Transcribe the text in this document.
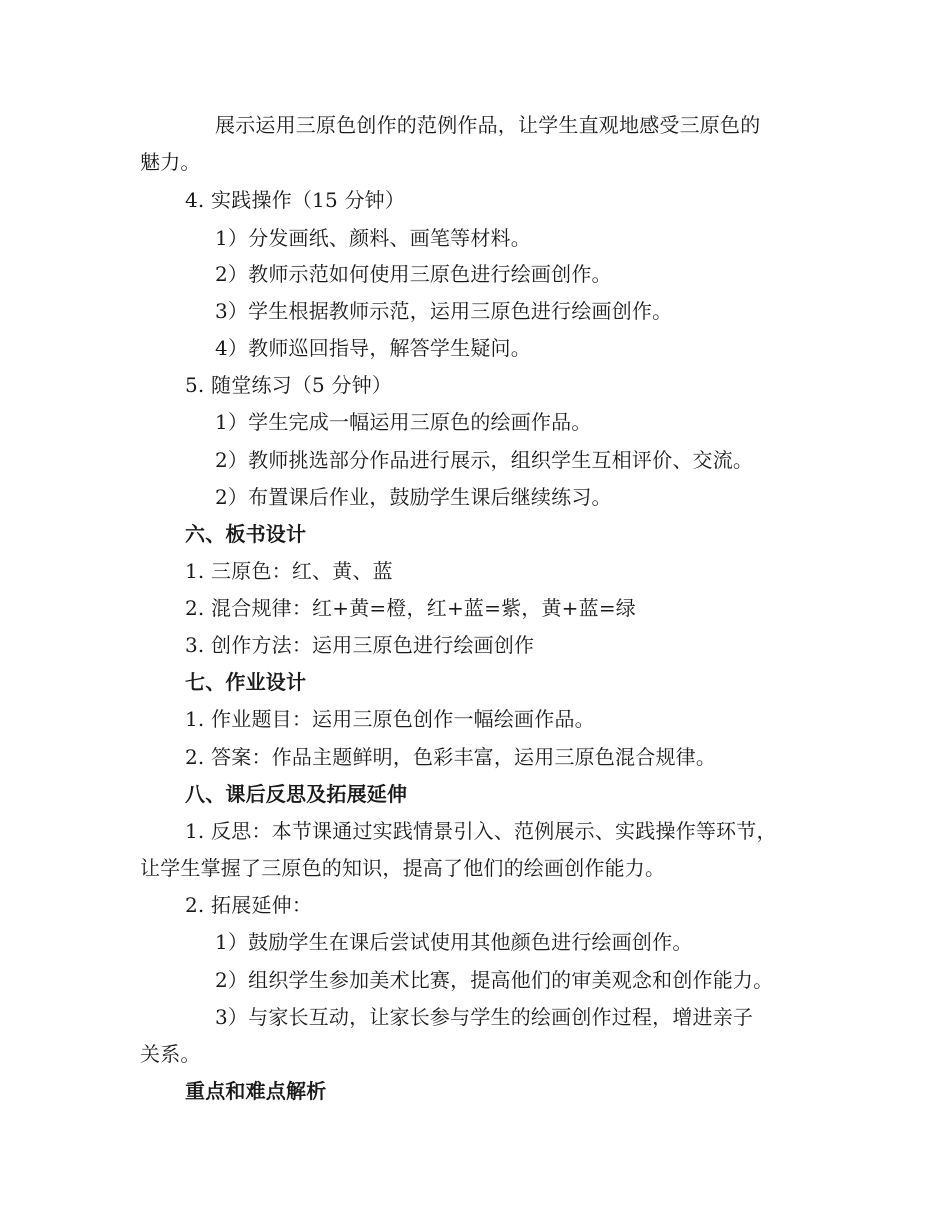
展示运用三原色创作的范例作品，让学生直观地感受三原色的
魅力。
4. 实践操作（15 分钟）
1）分发画纸、颜料、画笔等材料。
2）教师示范如何使用三原色进行绘画创作。
3）学生根据教师示范，运用三原色进行绘画创作。
4）教师巡回指导，解答学生疑问。
5. 随堂练习（5 分钟）
1）学生完成一幅运用三原色的绘画作品。
2）教师挑选部分作品进行展示，组织学生互相评价、交流。
2）布置课后作业，鼓励学生课后继续练习。
六、板书设计
1. 三原色：红、黄、蓝
2. 混合规律：红+黄=橙，红+蓝=紫，黄+蓝=绿
3. 创作方法：运用三原色进行绘画创作
七、作业设计
1. 作业题目：运用三原色创作一幅绘画作品。
2. 答案：作品主题鲜明，色彩丰富，运用三原色混合规律。
八、课后反思及拓展延伸
1. 反思：本节课通过实践情景引入、范例展示、实践操作等环节，
让学生掌握了三原色的知识，提高了他们的绘画创作能力。
2. 拓展延伸：
1）鼓励学生在课后尝试使用其他颜色进行绘画创作。
2）组织学生参加美术比赛，提高他们的审美观念和创作能力。
3）与家长互动，让家长参与学生的绘画创作过程，增进亲子
关系。
重点和难点解析
